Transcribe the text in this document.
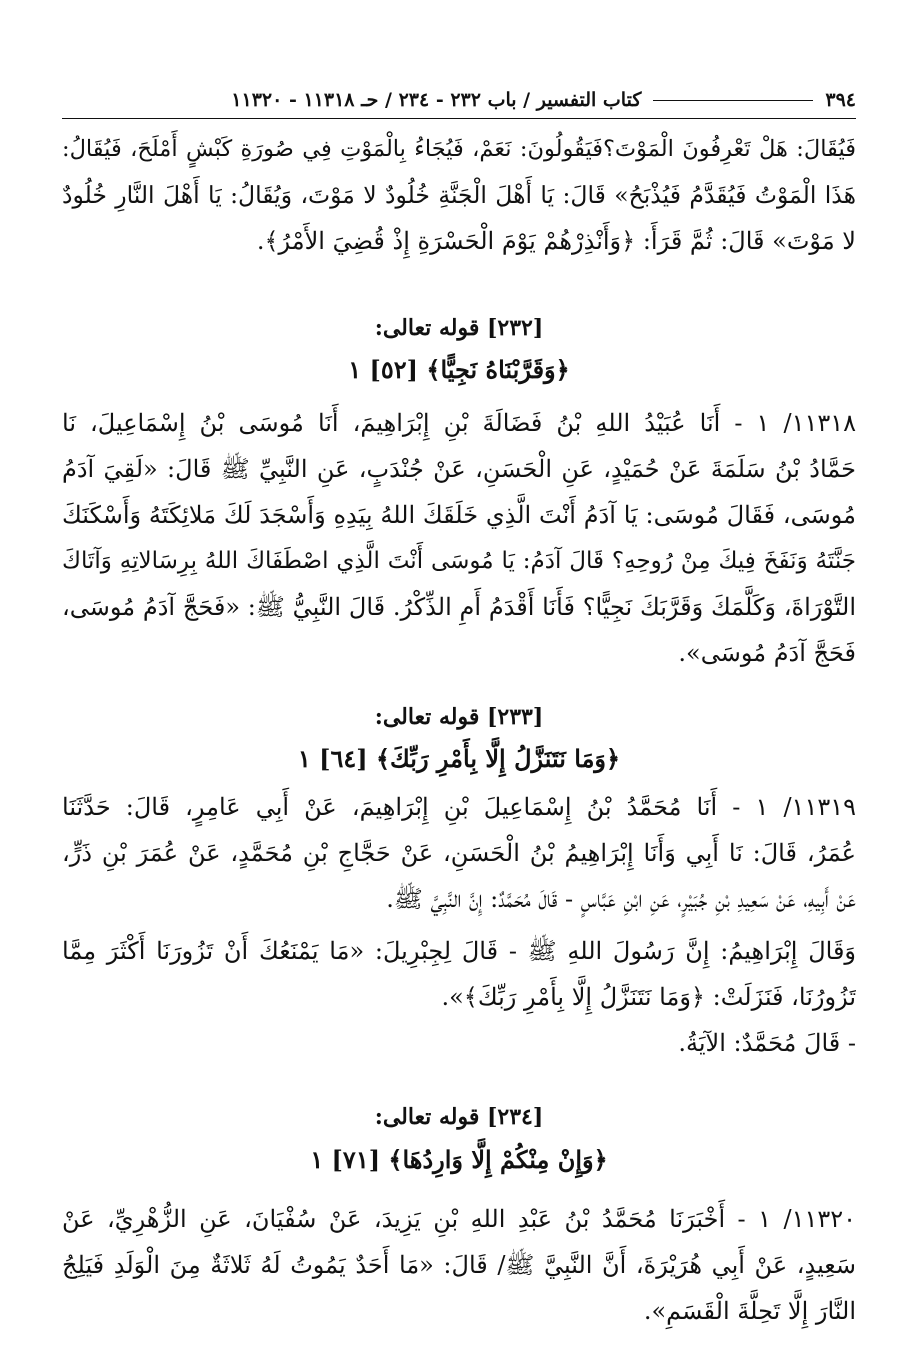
٣٩٤
كتاب التفسير / باب ٢٣٢ - ٢٣٤ / حـ ١١٣١٨ - ١١٣٢٠
فَيُقَالَ: هَلْ تَعْرِفُونَ الْمَوْتَ؟فَيَقُولُونَ: نَعَمْ، فَيُجَاءُ بِالْمَوْتِ فِي صُورَةِ كَبْشٍ أَمْلَحَ، فَيُقَالُ:
هَذَا الْمَوْتُ فَيُقَدَّمُ فَيُذْبَحُ» قَالَ: يَا أَهْلَ الْجَنَّةِ خُلُودٌ لا مَوْتَ، وَيُقَالُ: يَا أَهْلَ النَّارِ خُلُودٌ
لا مَوْتَ» قَالَ: ثُمَّ قَرَأَ: ﴿وَأَنْذِرْهُمْ يَوْمَ الْحَسْرَةِ إِذْ قُضِيَ الأَمْرُ﴾.
[٢٣٢] قوله تعالى:
﴿وَقَرَّبْنَاهُ نَجِيًّا﴾ [٥٢] ١
١١٣١٨/ ١ - أَنَا عُبَيْدُ اللهِ بْنُ فَضَالَةَ بْنِ إِبْرَاهِيمَ، أَنَا مُوسَى بْنُ إِسْمَاعِيلَ، نَا
حَمَّادُ بْنُ سَلَمَةَ عَنْ حُمَيْدٍ، عَنِ الْحَسَنِ، عَنْ جُنْدَبٍ، عَنِ النَّبِيِّ ﷺ قَالَ: «لَقِيَ آدَمُ
مُوسَى، فَقَالَ مُوسَى: يَا آدَمُ أَنْتَ الَّذِي خَلَقَكَ اللهُ بِيَدِهِ وَأَسْجَدَ لَكَ مَلائِكَتَهُ وَأَسْكَنَكَ
جَنَّتَهُ وَنَفَخَ فِيكَ مِنْ رُوحِهِ؟ قَالَ آدَمُ: يَا مُوسَى أَنْتَ الَّذِي اصْطَفَاكَ اللهُ بِرِسَالاتِهِ وَآتَاكَ
التَّوْرَاةَ، وَكَلَّمَكَ وَقَرَّبَكَ نَجِيًّا؟ فَأَنَا أَقْدَمُ أَمِ الذِّكْرُ. قَالَ النَّبِيُّ ﷺ: «فَحَجَّ آدَمُ مُوسَى،
فَحَجَّ آدَمُ مُوسَى».
[٢٣٣] قوله تعالى:
﴿وَمَا نَتَنَزَّلُ إِلَّا بِأَمْرِ رَبِّكَ﴾ [٦٤] ١
١١٣١٩/ ١ - أَنَا مُحَمَّدُ بْنُ إِسْمَاعِيلَ بْنِ إِبْرَاهِيمَ، عَنْ أَبِي عَامِرٍ، قَالَ: حَدَّثَنَا
عُمَرُ، قَالَ: نَا أَبِي وَأَنَا إِبْرَاهِيمُ بْنُ الْحَسَنِ، عَنْ حَجَّاجِ بْنِ مُحَمَّدٍ، عَنْ عُمَرَ بْنِ ذَرٍّ،
عَنْ أَبِيهِ، عَنْ سَعِيدِ بْنِ جُبَيْرٍ، عَنِ ابْنِ عَبَّاسٍ - قَالَ مُحَمَّدٌ: إِنَّ النَّبِيَّ ﷺ.
وَقَالَ إِبْرَاهِيمُ: إِنَّ رَسُولَ اللهِ ﷺ - قَالَ لِجِبْرِيلَ: «مَا يَمْنَعُكَ أَنْ تَزُورَنَا أَكْثَرَ مِمَّا
تَزُورُنَا، فَنَزَلَتْ: ﴿وَمَا نَتَنَزَّلُ إِلَّا بِأَمْرِ رَبِّكَ﴾».
- قَالَ مُحَمَّدٌ: الآيَةُ.
[٢٣٤] قوله تعالى:
﴿وَإِنْ مِنْكُمْ إِلَّا وَارِدُهَا﴾ [٧١] ١
١١٣٢٠/ ١ - أَخْبَرَنَا مُحَمَّدُ بْنُ عَبْدِ اللهِ بْنِ يَزِيدَ، عَنْ سُفْيَانَ، عَنِ الزُّهْرِيِّ، عَنْ
سَعِيدٍ، عَنْ أَبِي هُرَيْرَةَ، أَنَّ النَّبِيَّ ﷺ/ قَالَ: «مَا أَحَدٌ يَمُوتُ لَهُ ثَلاثَةٌ مِنَ الْوَلَدِ فَيَلِجُ
النَّارَ إِلَّا تَحِلَّةَ الْقَسَمِ».
